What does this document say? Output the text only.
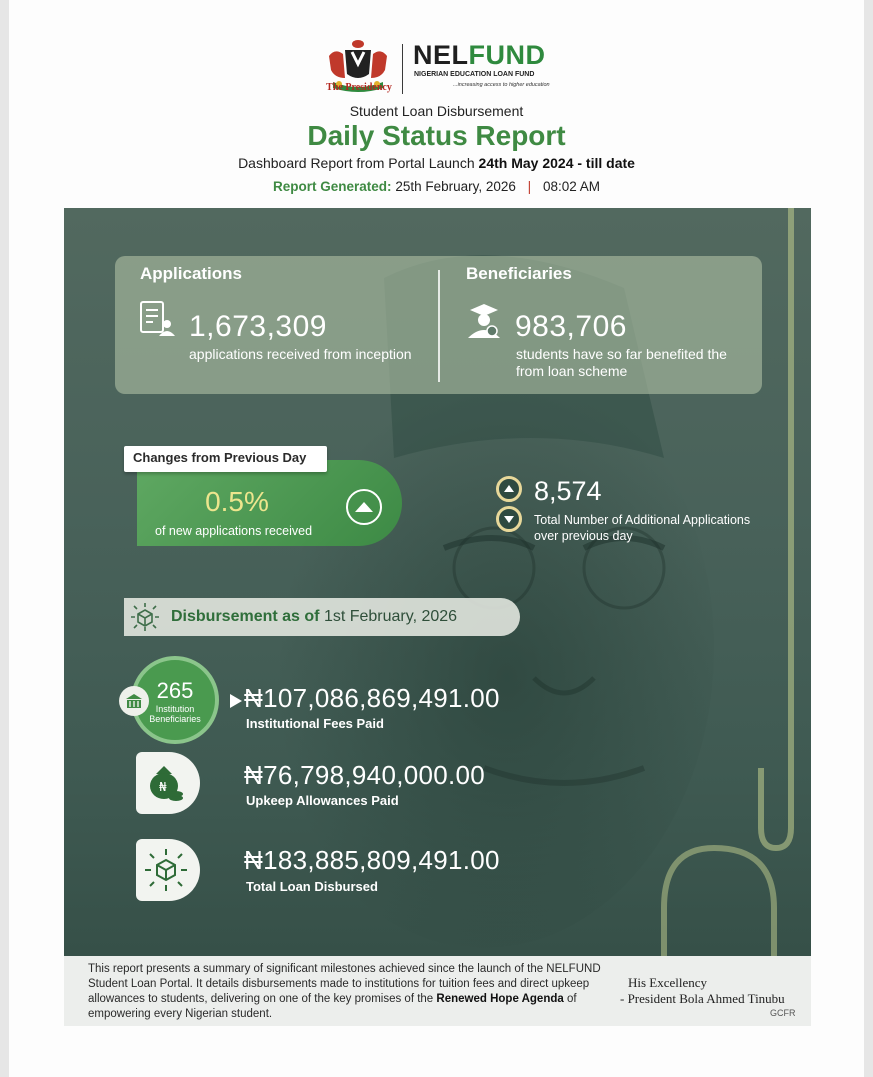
The Presidency
NELFUND
NIGERIAN EDUCATION LOAN FUND
...increasing access to higher education
Student Loan Disbursement
Daily Status Report
Dashboard Report from Portal Launch 24th May 2024 - till date
Report Generated: 25th February, 2026 | 08:02 AM
Applications
1,673,309
applications received from inception
Beneficiaries
983,706
students have so far benefited the from loan scheme
0.5%
of new applications received
Changes from Previous Day
8,574
Total Number of Additional Applications over previous day
Disbursement as of 1st February, 2026
265
Institution Beneficiaries
₦107,086,869,491.00
Institutional Fees Paid
₦	₦76,798,940,000.00
Upkeep Allowances Paid
₦183,885,809,491.00
Total Loan Disbursed
This report presents a summary of significant milestones achieved since the launch of the NELFUND Student Loan Portal. It details disbursements made to institutions for tuition fees and direct upkeep allowances to students, delivering on one of the key promises of the Renewed Hope Agenda of empowering every Nigerian student.
His Excellency
- President Bola Ahmed Tinubu
GCFR
